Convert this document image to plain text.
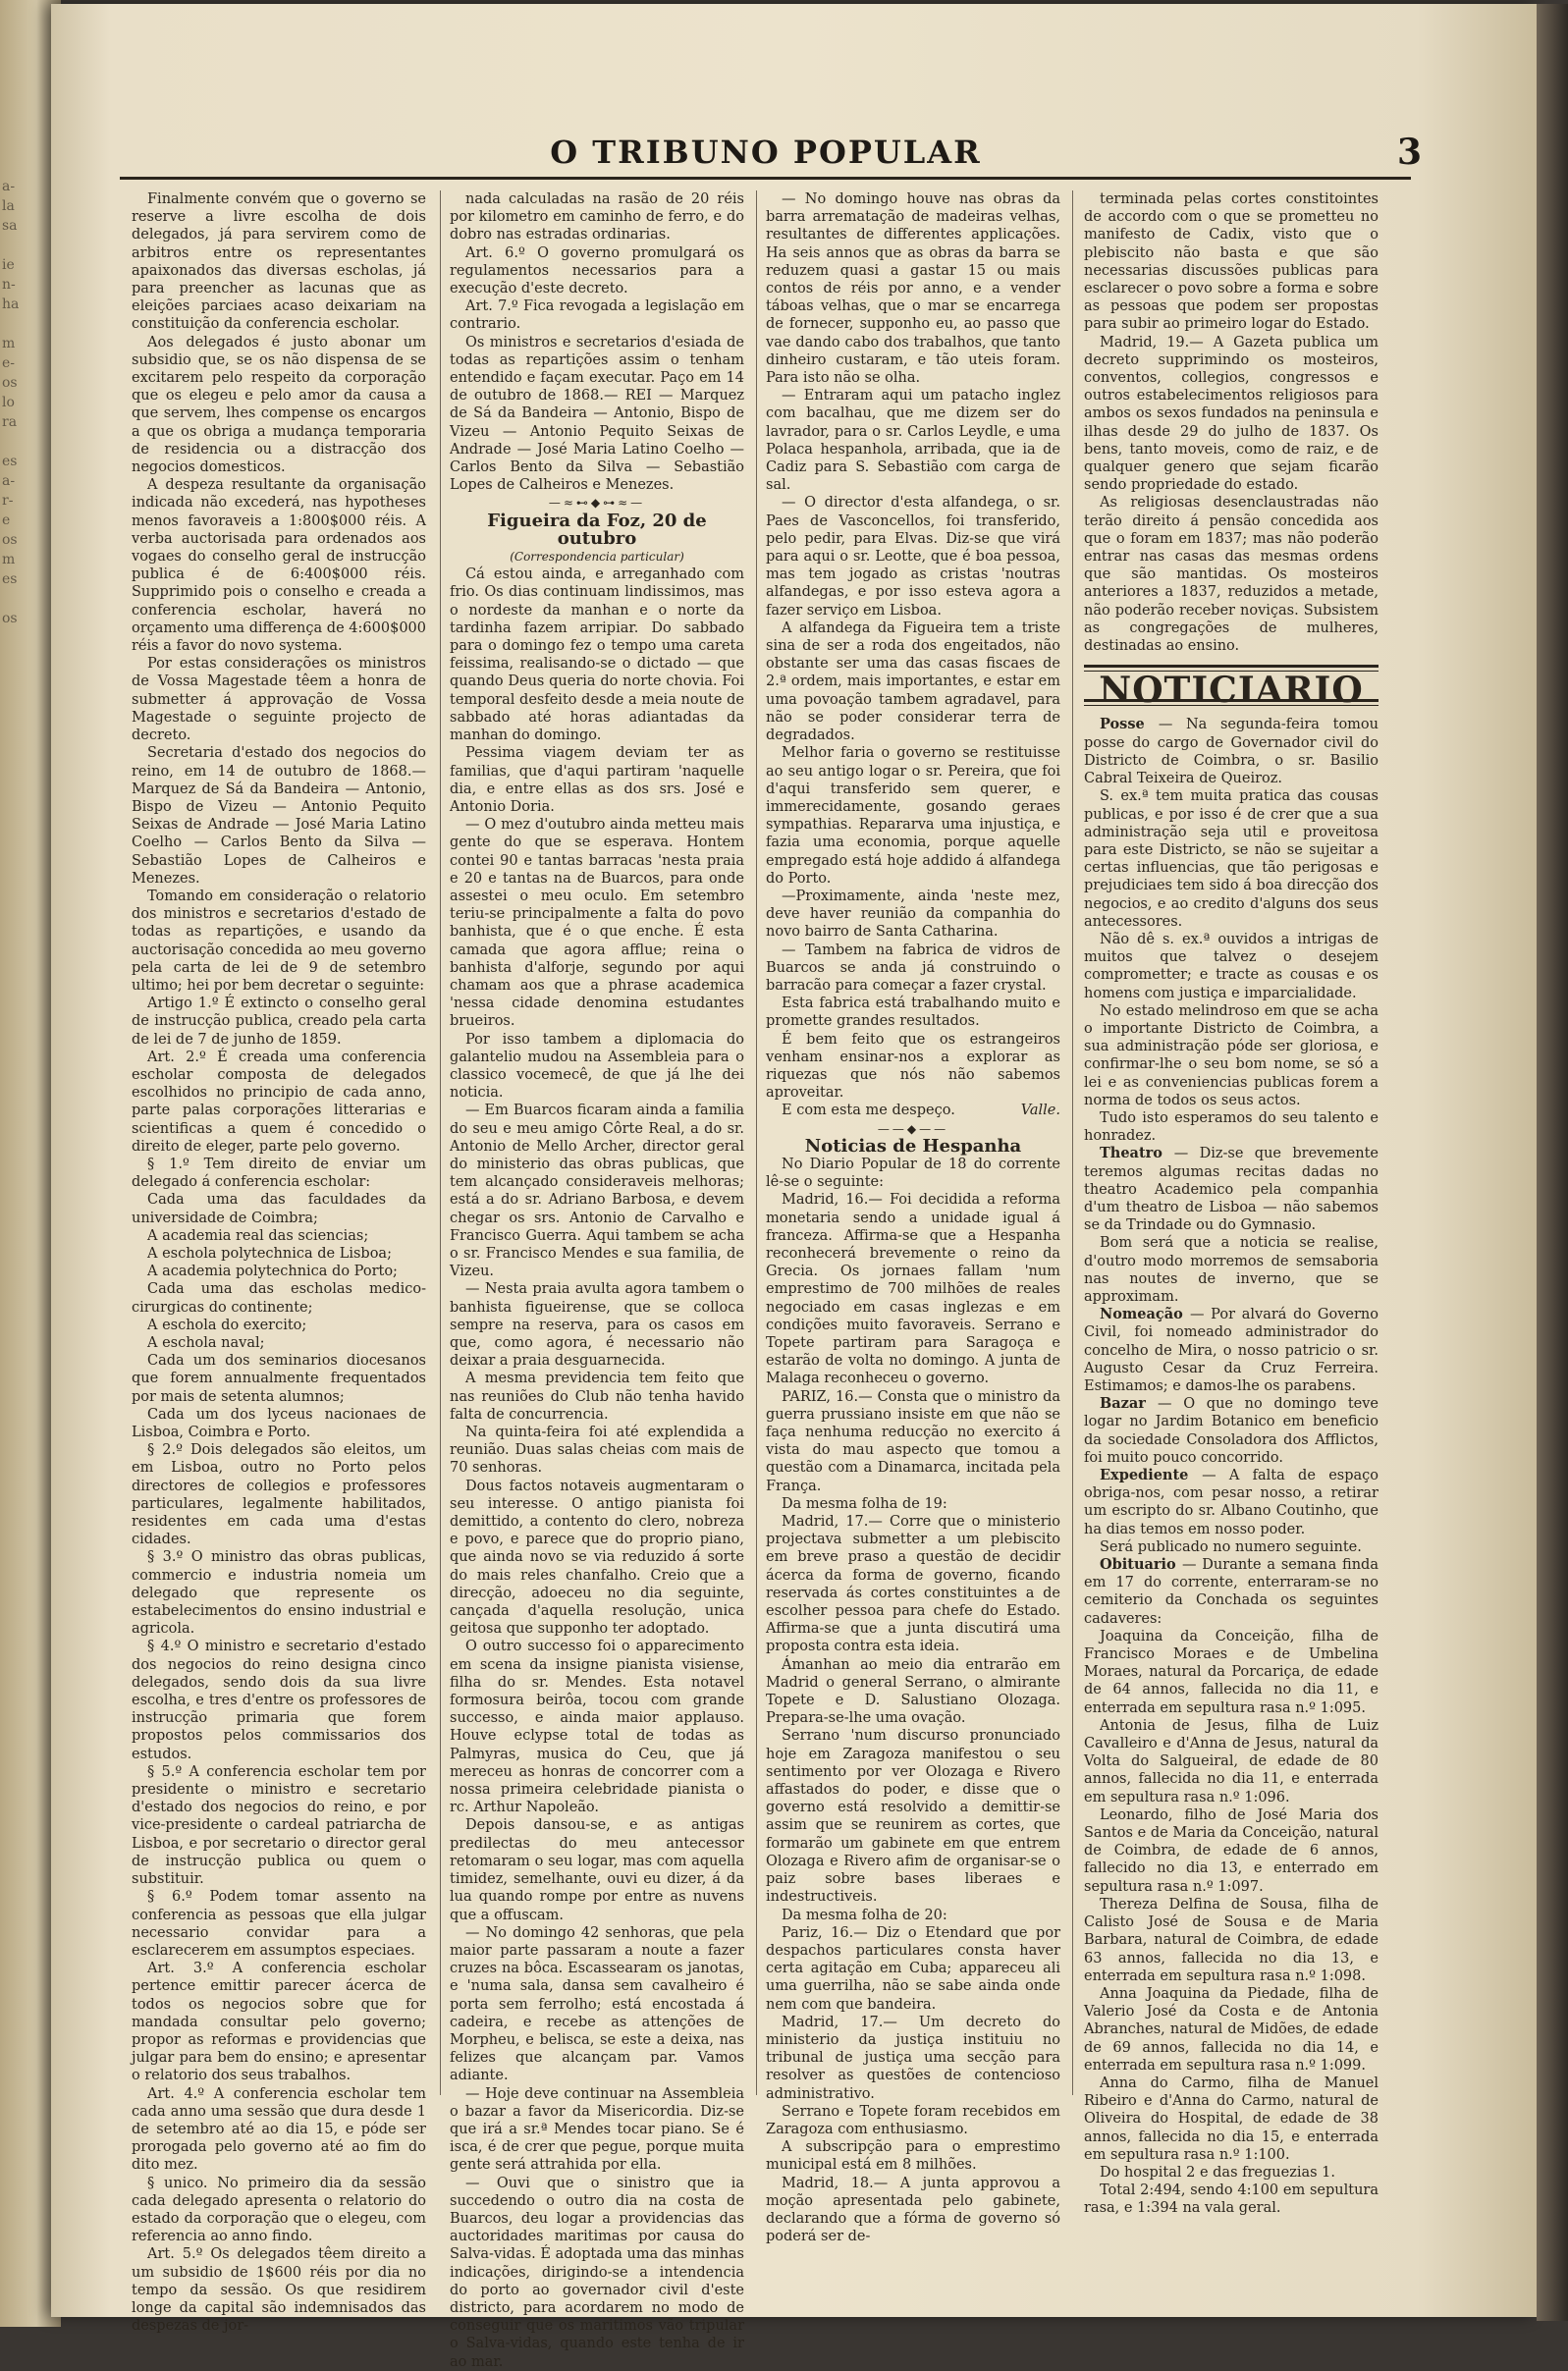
a-
la
sa

ie
n-
ha

m
e-
os
lo
ra

es
a-
r-
e
os
m
es

os
O TRIBUNO POPULAR	3

Finalmente convém que o governo se reserve a livre escolha de dois delegados, já para servirem como de arbitros entre os representantes apaixonados das diversas escholas, já para preencher as lacunas que as eleições parciaes acaso deixariam na constituição da conferencia escholar.

Aos delegados é justo abonar um subsidio que, se os não dispensa de se excitarem pelo respeito da corporação que os elegeu e pelo amor da causa a que servem, lhes compense os encargos a que os obriga a mudança temporaria de residencia ou a distracção dos negocios domesticos.

A despeza resultante da organisação indicada não excederá, nas hypotheses menos favoraveis a 1:800$000 réis. A verba auctorisada para ordenados aos vogaes do conselho geral de instrucção publica é de 6:400$000 réis. Supprimido pois o conselho e creada a conferencia escholar, haverá no orçamento uma differença de 4:600$000 réis a favor do novo systema.

Por estas considerações os ministros de Vossa Magestade têem a honra de submetter á approvação de Vossa Magestade o seguinte projecto de decreto.

Secretaria d'estado dos negocios do reino, em 14 de outubro de 1868.— Marquez de Sá da Bandeira — Antonio, Bispo de Vizeu — Antonio Pequito Seixas de Andrade — José Maria Latino Coelho — Carlos Bento da Silva — Sebastião Lopes de Calheiros e Menezes.

Tomando em consideração o relatorio dos ministros e secretarios d'estado de todas as repartições, e usando da auctorisação concedida ao meu governo pela carta de lei de 9 de setembro ultimo; hei por bem decretar o seguinte:

Artigo 1.º É extincto o conselho geral de instrucção publica, creado pela carta de lei de 7 de junho de 1859.

Art. 2.º É creada uma conferencia escholar composta de delegados escolhidos no principio de cada anno, parte palas corporações litterarias e scientificas a quem é concedido o direito de eleger, parte pelo governo.

§ 1.º Tem direito de enviar um delegado á conferencia escholar:

Cada uma das faculdades da universidade de Coimbra;

A academia real das sciencias;

A eschola polytechnica de Lisboa;

A academia polytechnica do Porto;

Cada uma das escholas medico-cirurgicas do continente;

A eschola do exercito;

A eschola naval;

Cada um dos seminarios diocesanos que forem annualmente frequentados por mais de setenta alumnos;

Cada um dos lyceus nacionaes de Lisboa, Coimbra e Porto.

§ 2.º Dois delegados são eleitos, um em Lisboa, outro no Porto pelos directores de collegios e professores particulares, legalmente habilitados, residentes em cada uma d'estas cidades.

§ 3.º O ministro das obras publicas, commercio e industria nomeia um delegado que represente os estabelecimentos do ensino industrial e agricola.

§ 4.º O ministro e secretario d'estado dos negocios do reino designa cinco delegados, sendo dois da sua livre escolha, e tres d'entre os professores de instrucção primaria que forem propostos pelos commissarios dos estudos.

§ 5.º A conferencia escholar tem por presidente o ministro e secretario d'estado dos negocios do reino, e por vice-presidente o cardeal patriarcha de Lisboa, e por secretario o director geral de instrucção publica ou quem o substituir.

§ 6.º Podem tomar assento na conferencia as pessoas que ella julgar necessario convidar para a esclarecerem em assumptos especiaes.

Art. 3.º A conferencia escholar pertence emittir parecer ácerca de todos os negocios sobre que for mandada consultar pelo governo; propor as reformas e providencias que julgar para bem do ensino; e apresentar o relatorio dos seus trabalhos.

Art. 4.º A conferencia escholar tem cada anno uma sessão que dura desde 1 de setembro até ao dia 15, e póde ser prorogada pelo governo até ao fim do dito mez.

§ unico. No primeiro dia da sessão cada delegado apresenta o relatorio do estado da corporação que o elegeu, com referencia ao anno findo.

Art. 5.º Os delegados têem direito a um subsidio de 1$600 réis por dia no tempo da sessão. Os que residirem longe da capital são indemnisados das despezas de jor-

nada calculadas na rasão de 20 réis por kilometro em caminho de ferro, e do dobro nas estradas ordinarias.

Art. 6.º O governo promulgará os regulamentos necessarios para a execução d'este decreto.

Art. 7.º Fica revogada a legislação em contrario.

Os ministros e secretarios d'esiada de todas as repartições assim o tenham entendido e façam executar. Paço em 14 de outubro de 1868.— REI — Marquez de Sá da Bandeira — Antonio, Bispo de Vizeu — Antonio Pequito Seixas de Andrade — José Maria Latino Coelho — Carlos Bento da Silva — Sebastião Lopes de Calheiros e Menezes.

—≈⊷◆⊶≈—

Figueira da Foz, 20 de outubro

(Correspondencia particular)

Cá estou ainda, e arreganhado com frio. Os dias continuam lindissimos, mas o nordeste da manhan e o norte da tardinha fazem arripiar. Do sabbado para o domingo fez o tempo uma careta feissima, realisando-se o dictado — que quando Deus queria do norte chovia. Foi temporal desfeito desde a meia noute de sabbado até horas adiantadas da manhan do domingo.

Pessima viagem deviam ter as familias, que d'aqui partiram 'naquelle dia, e entre ellas as dos srs. José e Antonio Doria.

— O mez d'outubro ainda metteu mais gente do que se esperava. Hontem contei 90 e tantas barracas 'nesta praia e 20 e tantas na de Buarcos, para onde assestei o meu oculo. Em setembro teriu-se principalmente a falta do povo banhista, que é o que enche. É esta camada que agora afflue; reina o banhista d'alforje, segundo por aqui chamam aos que a phrase academica 'nessa cidade denomina estudantes brueiros.

Por isso tambem a diplomacia do galantelio mudou na Assembleia para o classico vocemecê, de que já lhe dei noticia.

— Em Buarcos ficaram ainda a familia do seu e meu amigo Côrte Real, a do sr. Antonio de Mello Archer, director geral do ministerio das obras publicas, que tem alcançado consideraveis melhoras; está a do sr. Adriano Barbosa, e devem chegar os srs. Antonio de Carvalho e Francisco Guerra. Aqui tambem se acha o sr. Francisco Mendes e sua familia, de Vizeu.

— Nesta praia avulta agora tambem o banhista figueirense, que se colloca sempre na reserva, para os casos em que, como agora, é necessario não deixar a praia desguarnecida.

A mesma previdencia tem feito que nas reuniões do Club não tenha havido falta de concurrencia.

Na quinta-feira foi até explendida a reunião. Duas salas cheias com mais de 70 senhoras.

Dous factos notaveis augmentaram o seu interesse. O antigo pianista foi demittido, a contento do clero, nobreza e povo, e parece que do proprio piano, que ainda novo se via reduzido á sorte do mais reles chanfalho. Creio que a direcção, adoeceu no dia seguinte, cançada d'aquella resolução, unica geitosa que supponho ter adoptado.

O outro successo foi o apparecimento em scena da insigne pianista visiense, filha do sr. Mendes. Esta notavel formosura beirôa, tocou com grande successo, e ainda maior applauso. Houve eclypse total de todas as Palmyras, musica do Ceu, que já mereceu as honras de concorrer com a nossa primeira celebridade pianista o rc. Arthur Napoleão.

Depois dansou-se, e as antigas predilectas do meu antecessor retomaram o seu logar, mas com aquella timidez, semelhante, ouvi eu dizer, á da lua quando rompe por entre as nuvens que a offuscam.

— No domingo 42 senhoras, que pela maior parte passaram a noute a fazer cruzes na bôca. Escassearam os janotas, e 'numa sala, dansa sem cavalheiro é porta sem ferrolho; está encostada á cadeira, e recebe as attenções de Morpheu, e belisca, se este a deixa, nas felizes que alcançam par. Vamos adiante.

— Hoje deve continuar na Assembleia o bazar a favor da Misericordia. Diz-se que irá a sr.ª Mendes tocar piano. Se é isca, é de crer que pegue, porque muita gente será attrahida por ella.

— Ouvi que o sinistro que ia succedendo o outro dia na costa de Buarcos, deu logar a providencias das auctoridades maritimas por causa do Salva-vidas. É adoptada uma das minhas indicações, dirigindo-se a intendencia do porto ao governador civil d'este districto, para acordarem no modo de conseguir que os maritimos vão tripular o Salva-vidas, quando este tenha de ir ao mar.

— No domingo houve nas obras da barra arrematação de madeiras velhas, resultantes de differentes applicações. Ha seis annos que as obras da barra se reduzem quasi a gastar 15 ou mais contos de réis por anno, e a vender táboas velhas, que o mar se encarrega de fornecer, supponho eu, ao passo que vae dando cabo dos trabalhos, que tanto dinheiro custaram, e tão uteis foram. Para isto não se olha.

— Entraram aqui um patacho inglez com bacalhau, que me dizem ser do lavrador, para o sr. Carlos Leydle, e uma Polaca hespanhola, arribada, que ia de Cadiz para S. Sebastião com carga de sal.

— O director d'esta alfandega, o sr. Paes de Vasconcellos, foi transferido, pelo pedir, para Elvas. Diz-se que virá para aqui o sr. Leotte, que é boa pessoa, mas tem jogado as cristas 'noutras alfandegas, e por isso esteva agora a fazer serviço em Lisboa.

A alfandega da Figueira tem a triste sina de ser a roda dos engeitados, não obstante ser uma das casas fiscaes de 2.ª ordem, mais importantes, e estar em uma povoação tambem agradavel, para não se poder considerar terra de degradados.

Melhor faria o governo se restituisse ao seu antigo logar o sr. Pereira, que foi d'aqui transferido sem querer, e immerecidamente, gosando geraes sympathias. Repararva uma injustiça, e fazia uma economia, porque aquelle empregado está hoje addido á alfandega do Porto.

—Proximamente, ainda 'neste mez, deve haver reunião da companhia do novo bairro de Santa Catharina.

— Tambem na fabrica de vidros de Buarcos se anda já construindo o barracão para começar a fazer crystal.

Esta fabrica está trabalhando muito e promette grandes resultados.

É bem feito que os estrangeiros venham ensinar-nos a explorar as riquezas que nós não sabemos aproveitar.

E com esta me despeço.	Valle.

——◆——

Noticias de Hespanha

No Diario Popular de 18 do corrente lê-se o seguinte:

Madrid, 16.— Foi decidida a reforma monetaria sendo a unidade igual á franceza. Affirma-se que a Hespanha reconhecerá brevemente o reino da Grecia. Os jornaes fallam 'num emprestimo de 700 milhões de reales negociado em casas inglezas e em condições muito favoraveis. Serrano e Topete partiram para Saragoça e estarão de volta no domingo. A junta de Malaga reconheceu o governo.

PARIZ, 16.— Consta que o ministro da guerra prussiano insiste em que não se faça nenhuma reducção no exercito á vista do mau aspecto que tomou a questão com a Dinamarca, incitada pela França.

Da mesma folha de 19:

Madrid, 17.— Corre que o ministerio projectava submetter a um plebiscito em breve praso a questão de decidir ácerca da forma de governo, ficando reservada ás cortes constituintes a de escolher pessoa para chefe do Estado. Affirma-se que a junta discutirá uma proposta contra esta ideia.

Ámanhan ao meio dia entrarão em Madrid o general Serrano, o almirante Topete e D. Salustiano Olozaga. Prepara-se-lhe uma ovação.

Serrano 'num discurso pronunciado hoje em Zaragoza manifestou o seu sentimento por ver Olozaga e Rivero affastados do poder, e disse que o governo está resolvido a demittir-se assim que se reunirem as cortes, que formarão um gabinete em que entrem Olozaga e Rivero afim de organisar-se o paiz sobre bases liberaes e indestructiveis.

Da mesma folha de 20:

Pariz, 16.— Diz o Etendard que por despachos particulares consta haver certa agitação em Cuba; appareceu ali uma guerrilha, não se sabe ainda onde nem com que bandeira.

Madrid, 17.— Um decreto do ministerio da justiça instituiu no tribunal de justiça uma secção para resolver as questões de contencioso administrativo.

Serrano e Topete foram recebidos em Zaragoza com enthusiasmo.

A subscripção para o emprestimo municipal está em 8 milhões.

Madrid, 18.— A junta approvou a moção apresentada pelo gabinete, declarando que a fórma de governo só poderá ser de-

terminada pelas cortes constitointes de accordo com o que se prometteu no manifesto de Cadix, visto que o plebiscito não basta e que são necessarias discussões publicas para esclarecer o povo sobre a forma e sobre as pessoas que podem ser propostas para subir ao primeiro logar do Estado.

Madrid, 19.— A Gazeta publica um decreto supprimindo os mosteiros, conventos, collegios, congressos e outros estabelecimentos religiosos para ambos os sexos fundados na peninsula e ilhas desde 29 do julho de 1837. Os bens, tanto moveis, como de raiz, e de qualquer genero que sejam ficarão sendo propriedade do estado.

As religiosas desenclaustradas não terão direito á pensão concedida aos que o foram em 1837; mas não poderão entrar nas casas das mesmas ordens que são mantidas. Os mosteiros anteriores a 1837, reduzidos a metade, não poderão receber noviças. Subsistem as congregações de mulheres, destinadas ao ensino.

NOTICIARIO

Posse — Na segunda-feira tomou posse do cargo de Governador civil do Districto de Coimbra, o sr. Basilio Cabral Teixeira de Queiroz.

S. ex.ª tem muita pratica das cousas publicas, e por isso é de crer que a sua administração seja util e proveitosa para este Districto, se não se sujeitar a certas influencias, que tão perigosas e prejudiciaes tem sido á boa direcção dos negocios, e ao credito d'alguns dos seus antecessores.

Não dê s. ex.ª ouvidos a intrigas de muitos que talvez o desejem comprometter; e tracte as cousas e os homens com justiça e imparcialidade.

No estado melindroso em que se acha o importante Districto de Coimbra, a sua administração póde ser gloriosa, e confirmar-lhe o seu bom nome, se só a lei e as conveniencias publicas forem a norma de todos os seus actos.

Tudo isto esperamos do seu talento e honradez.

Theatro — Diz-se que brevemente teremos algumas recitas dadas no theatro Academico pela companhia d'um theatro de Lisboa — não sabemos se da Trindade ou do Gymnasio.

Bom será que a noticia se realise, d'outro modo morremos de semsaboria nas noutes de inverno, que se approximam.

Nomeação — Por alvará do Governo Civil, foi nomeado administrador do concelho de Mira, o nosso patricio o sr. Augusto Cesar da Cruz Ferreira. Estimamos; e damos-lhe os parabens.

Bazar — O que no domingo teve logar no Jardim Botanico em beneficio da sociedade Consoladora dos Afflictos, foi muito pouco concorrido.

Expediente — A falta de espaço obriga-nos, com pesar nosso, a retirar um escripto do sr. Albano Coutinho, que ha dias temos em nosso poder.

Será publicado no numero seguinte.

Obituario — Durante a semana finda em 17 do corrente, enterraram-se no cemiterio da Conchada os seguintes cadaveres:

Joaquina da Conceição, filha de Francisco Moraes e de Umbelina Moraes, natural da Porcariça, de edade de 64 annos, fallecida no dia 11, e enterrada em sepultura rasa n.º 1:095.

Antonia de Jesus, filha de Luiz Cavalleiro e d'Anna de Jesus, natural da Volta do Salgueiral, de edade de 80 annos, fallecida no dia 11, e enterrada em sepultura rasa n.º 1:096.

Leonardo, filho de José Maria dos Santos e de Maria da Conceição, natural de Coimbra, de edade de 6 annos, fallecido no dia 13, e enterrado em sepultura rasa n.º 1:097.

Thereza Delfina de Sousa, filha de Calisto José de Sousa e de Maria Barbara, natural de Coimbra, de edade 63 annos, fallecida no dia 13, e enterrada em sepultura rasa n.º 1:098.

Anna Joaquina da Piedade, filha de Valerio José da Costa e de Antonia Abranches, natural de Midões, de edade de 69 annos, fallecida no dia 14, e enterrada em sepultura rasa n.º 1:099.

Anna do Carmo, filha de Manuel Ribeiro e d'Anna do Carmo, natural de Oliveira do Hospital, de edade de 38 annos, fallecida no dia 15, e enterrada em sepultura rasa n.º 1:100.

Do hospital 2 e das freguezias 1.

Total 2:494, sendo 4:100 em sepultura rasa, e 1:394 na vala geral.
